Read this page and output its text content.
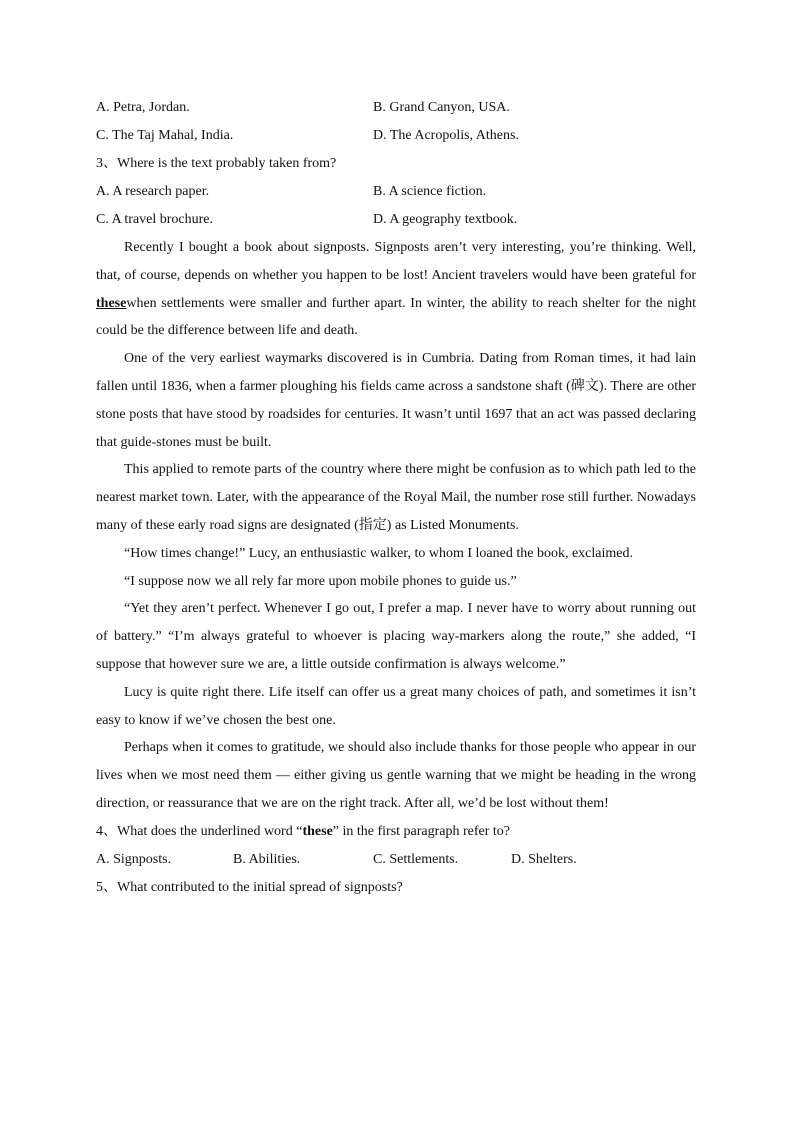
A. Petra, Jordan.	B. Grand Canyon, USA.
C. The Taj Mahal, India.	D. The Acropolis, Athens.
3、Where is the text probably taken from?
A. A research paper.	B. A science fiction.
C. A travel brochure.	D. A geography textbook.

Recently I bought a book about signposts. Signposts aren’t very interesting, you’re thinking. Well, that, of course, depends on whether you happen to be lost! Ancient travelers would have been grateful for thesewhen settlements were smaller and further apart. In winter, the ability to reach shelter for the night could be the difference between life and death.

One of the very earliest waymarks discovered is in Cumbria. Dating from Roman times, it had lain fallen until 1836, when a farmer ploughing his fields came across a sandstone shaft (碑文). There are other stone posts that have stood by roadsides for centuries. It wasn’t until 1697 that an act was passed declaring that guide-stones must be built.

This applied to remote parts of the country where there might be confusion as to which path led to the nearest market town. Later, with the appearance of the Royal Mail, the number rose still further. Nowadays many of these early road signs are designated (指定) as Listed Monuments.

“How times change!” Lucy, an enthusiastic walker, to whom I loaned the book, exclaimed.

“I suppose now we all rely far more upon mobile phones to guide us.”

“Yet they aren’t perfect. Whenever I go out, I prefer a map. I never have to worry about running out of battery.” “I’m always grateful to whoever is placing way-markers along the route,” she added, “I suppose that however sure we are, a little outside confirmation is always welcome.”

Lucy is quite right there. Life itself can offer us a great many choices of path, and sometimes it isn’t easy to know if we’ve chosen the best one.

Perhaps when it comes to gratitude, we should also include thanks for those people who appear in our lives when we most need them — either giving us gentle warning that we might be heading in the wrong direction, or reassurance that we are on the right track. After all, we’d be lost without them!

4、What does the underlined word “these” in the first paragraph refer to?
A. Signposts.	B. Abilities.	C. Settlements.	D. Shelters.
5、What contributed to the initial spread of signposts?
